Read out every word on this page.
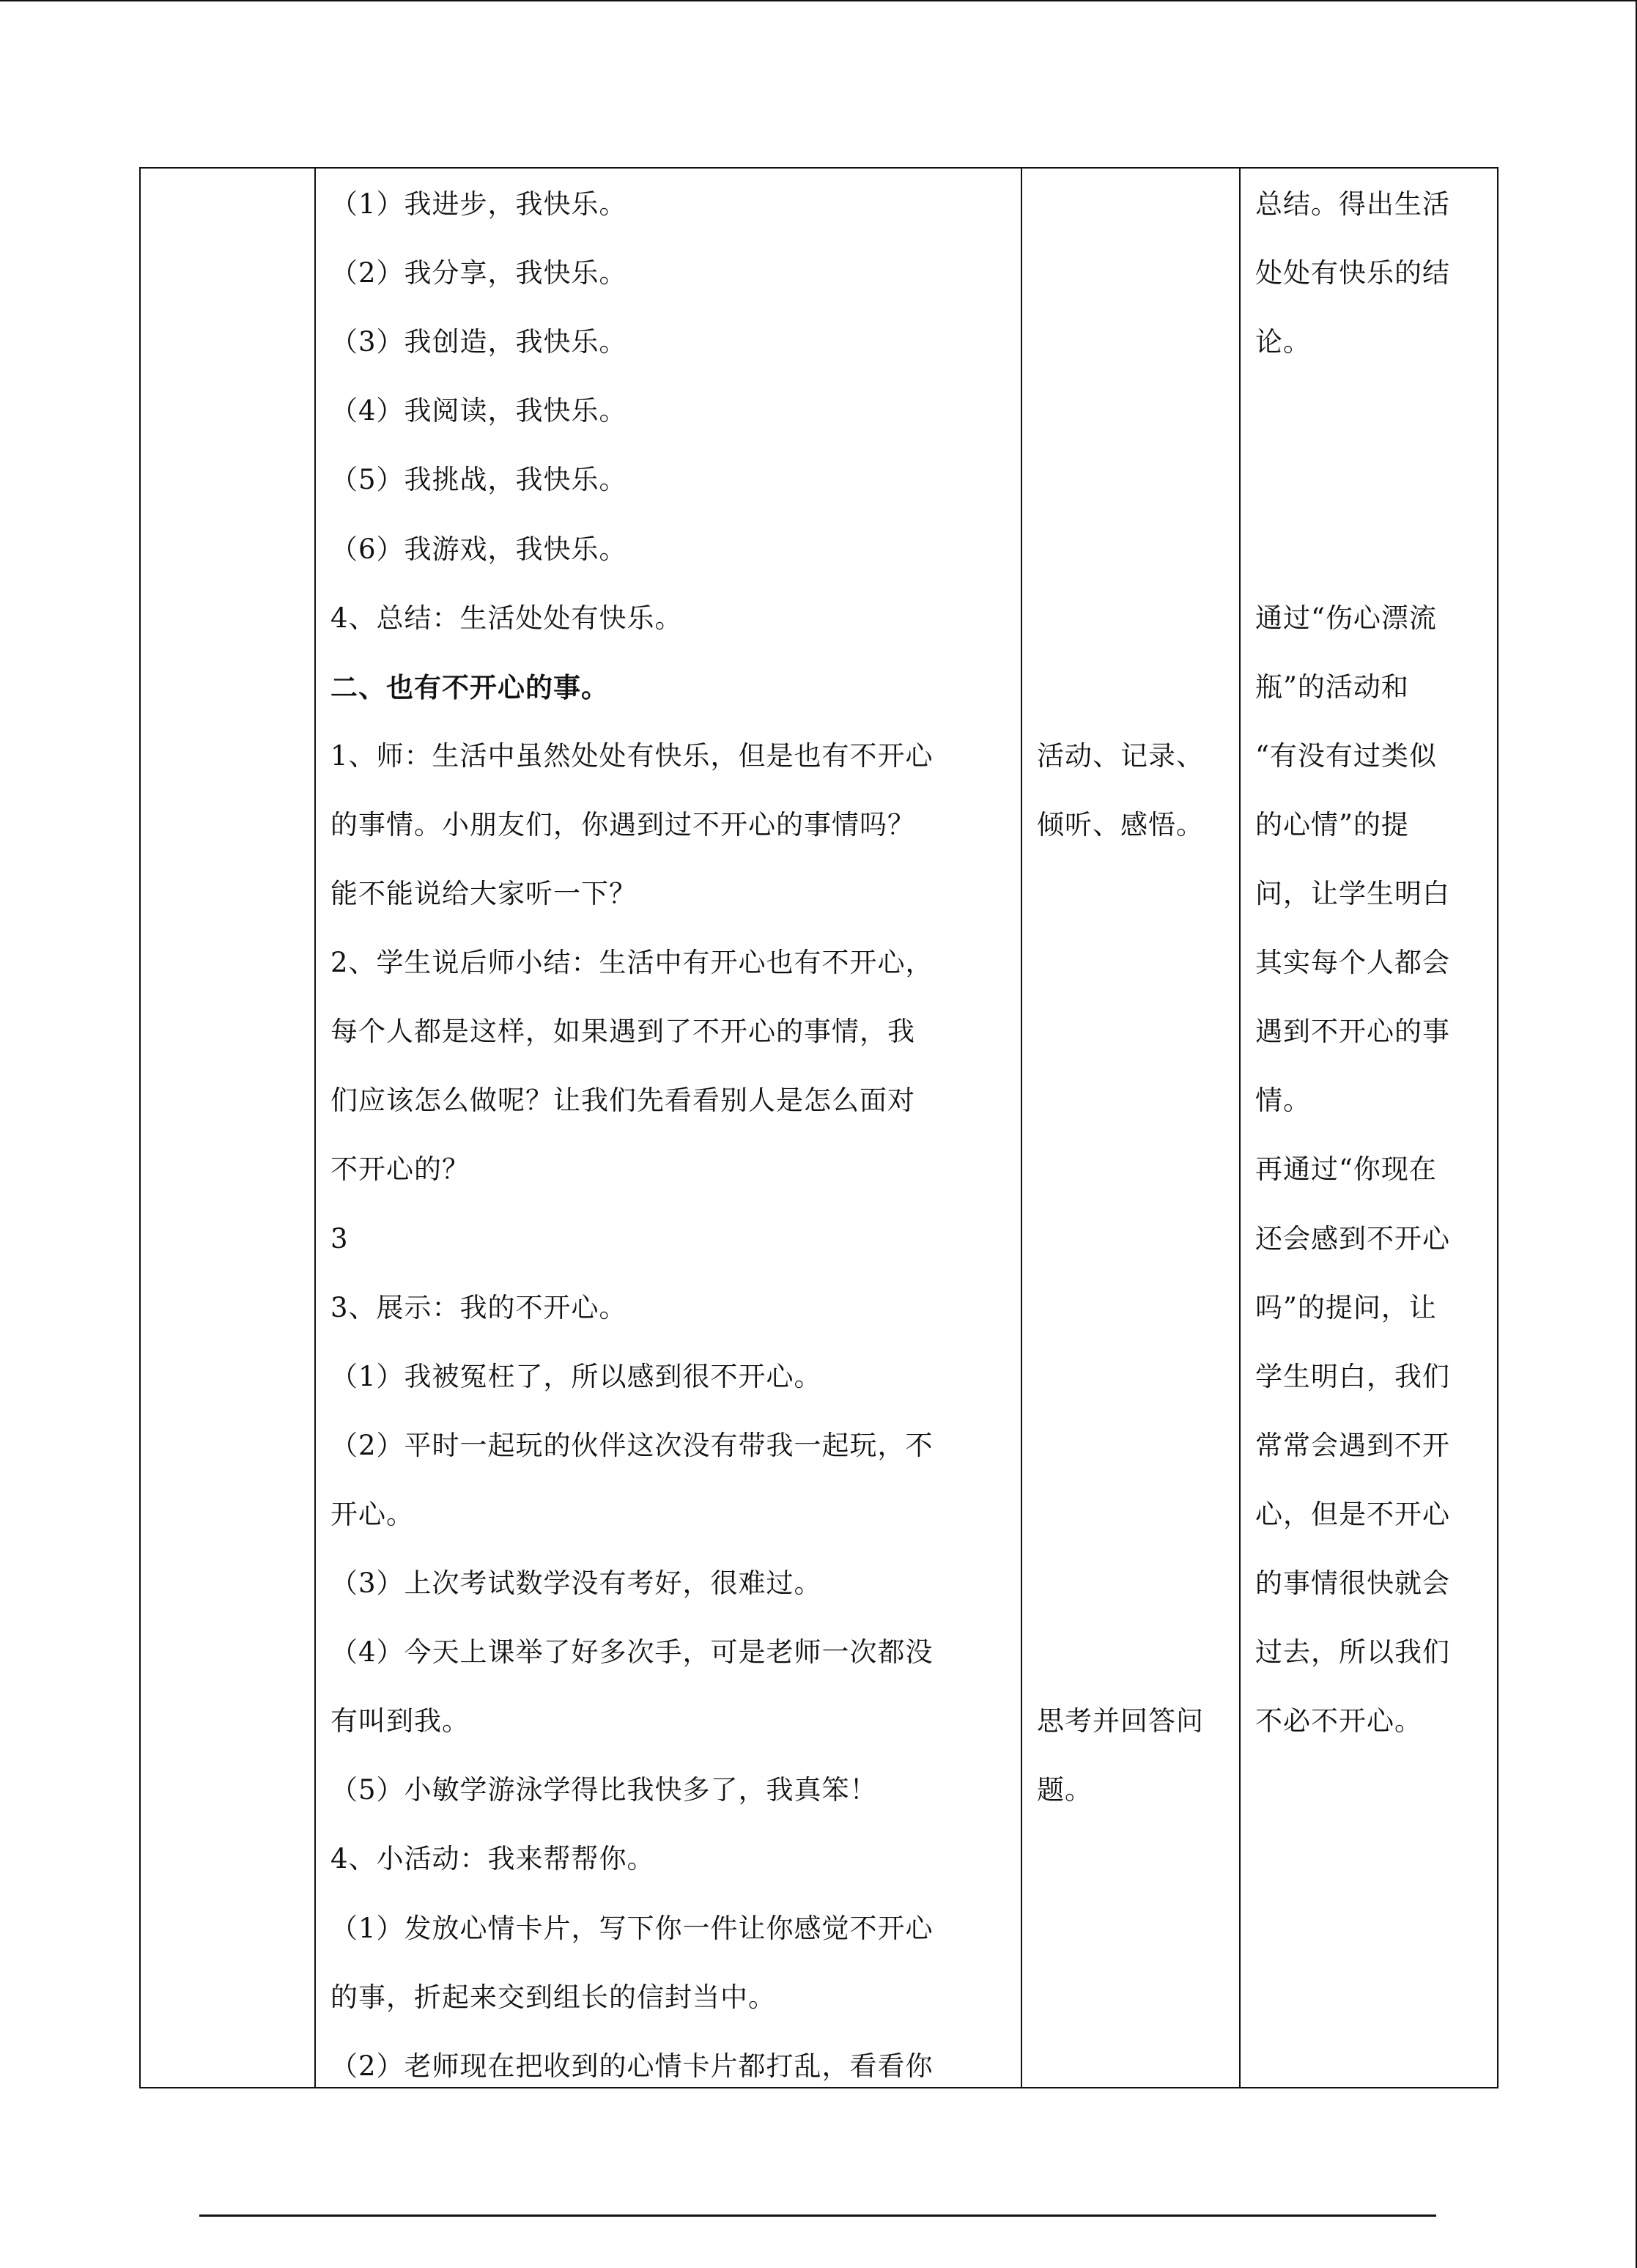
（1）我进步，我快乐。
（2）我分享，我快乐。
（3）我创造，我快乐。
（4）我阅读，我快乐。
（5）我挑战，我快乐。
（6）我游戏，我快乐。
4、总结：生活处处有快乐。
二、也有不开心的事。
1、师：生活中虽然处处有快乐，但是也有不开心
的事情。小朋友们，你遇到过不开心的事情吗？
能不能说给大家听一下？
2、学生说后师小结：生活中有开心也有不开心，
每个人都是这样，如果遇到了不开心的事情，我
们应该怎么做呢？让我们先看看别人是怎么面对
不开心的？
3
3、展示：我的不开心。
（1）我被冤枉了，所以感到很不开心。
（2）平时一起玩的伙伴这次没有带我一起玩，不
开心。
（3）上次考试数学没有考好，很难过。
（4）今天上课举了好多次手，可是老师一次都没
有叫到我。
（5）小敏学游泳学得比我快多了，我真笨！
4、小活动：我来帮帮你。
（1）发放心情卡片，写下你一件让你感觉不开心
的事，折起来交到组长的信封当中。
（2）老师现在把收到的心情卡片都打乱，看看你
活动、记录、
倾听、感悟。
思考并回答问
题。
总结。得出生活
处处有快乐的结
论。
通过“伤心漂流
瓶”的活动和
“有没有过类似
的心情”的提
问，让学生明白
其实每个人都会
遇到不开心的事
情。
再通过“你现在
还会感到不开心
吗”的提问，让
学生明白，我们
常常会遇到不开
心，但是不开心
的事情很快就会
过去，所以我们
不必不开心。
